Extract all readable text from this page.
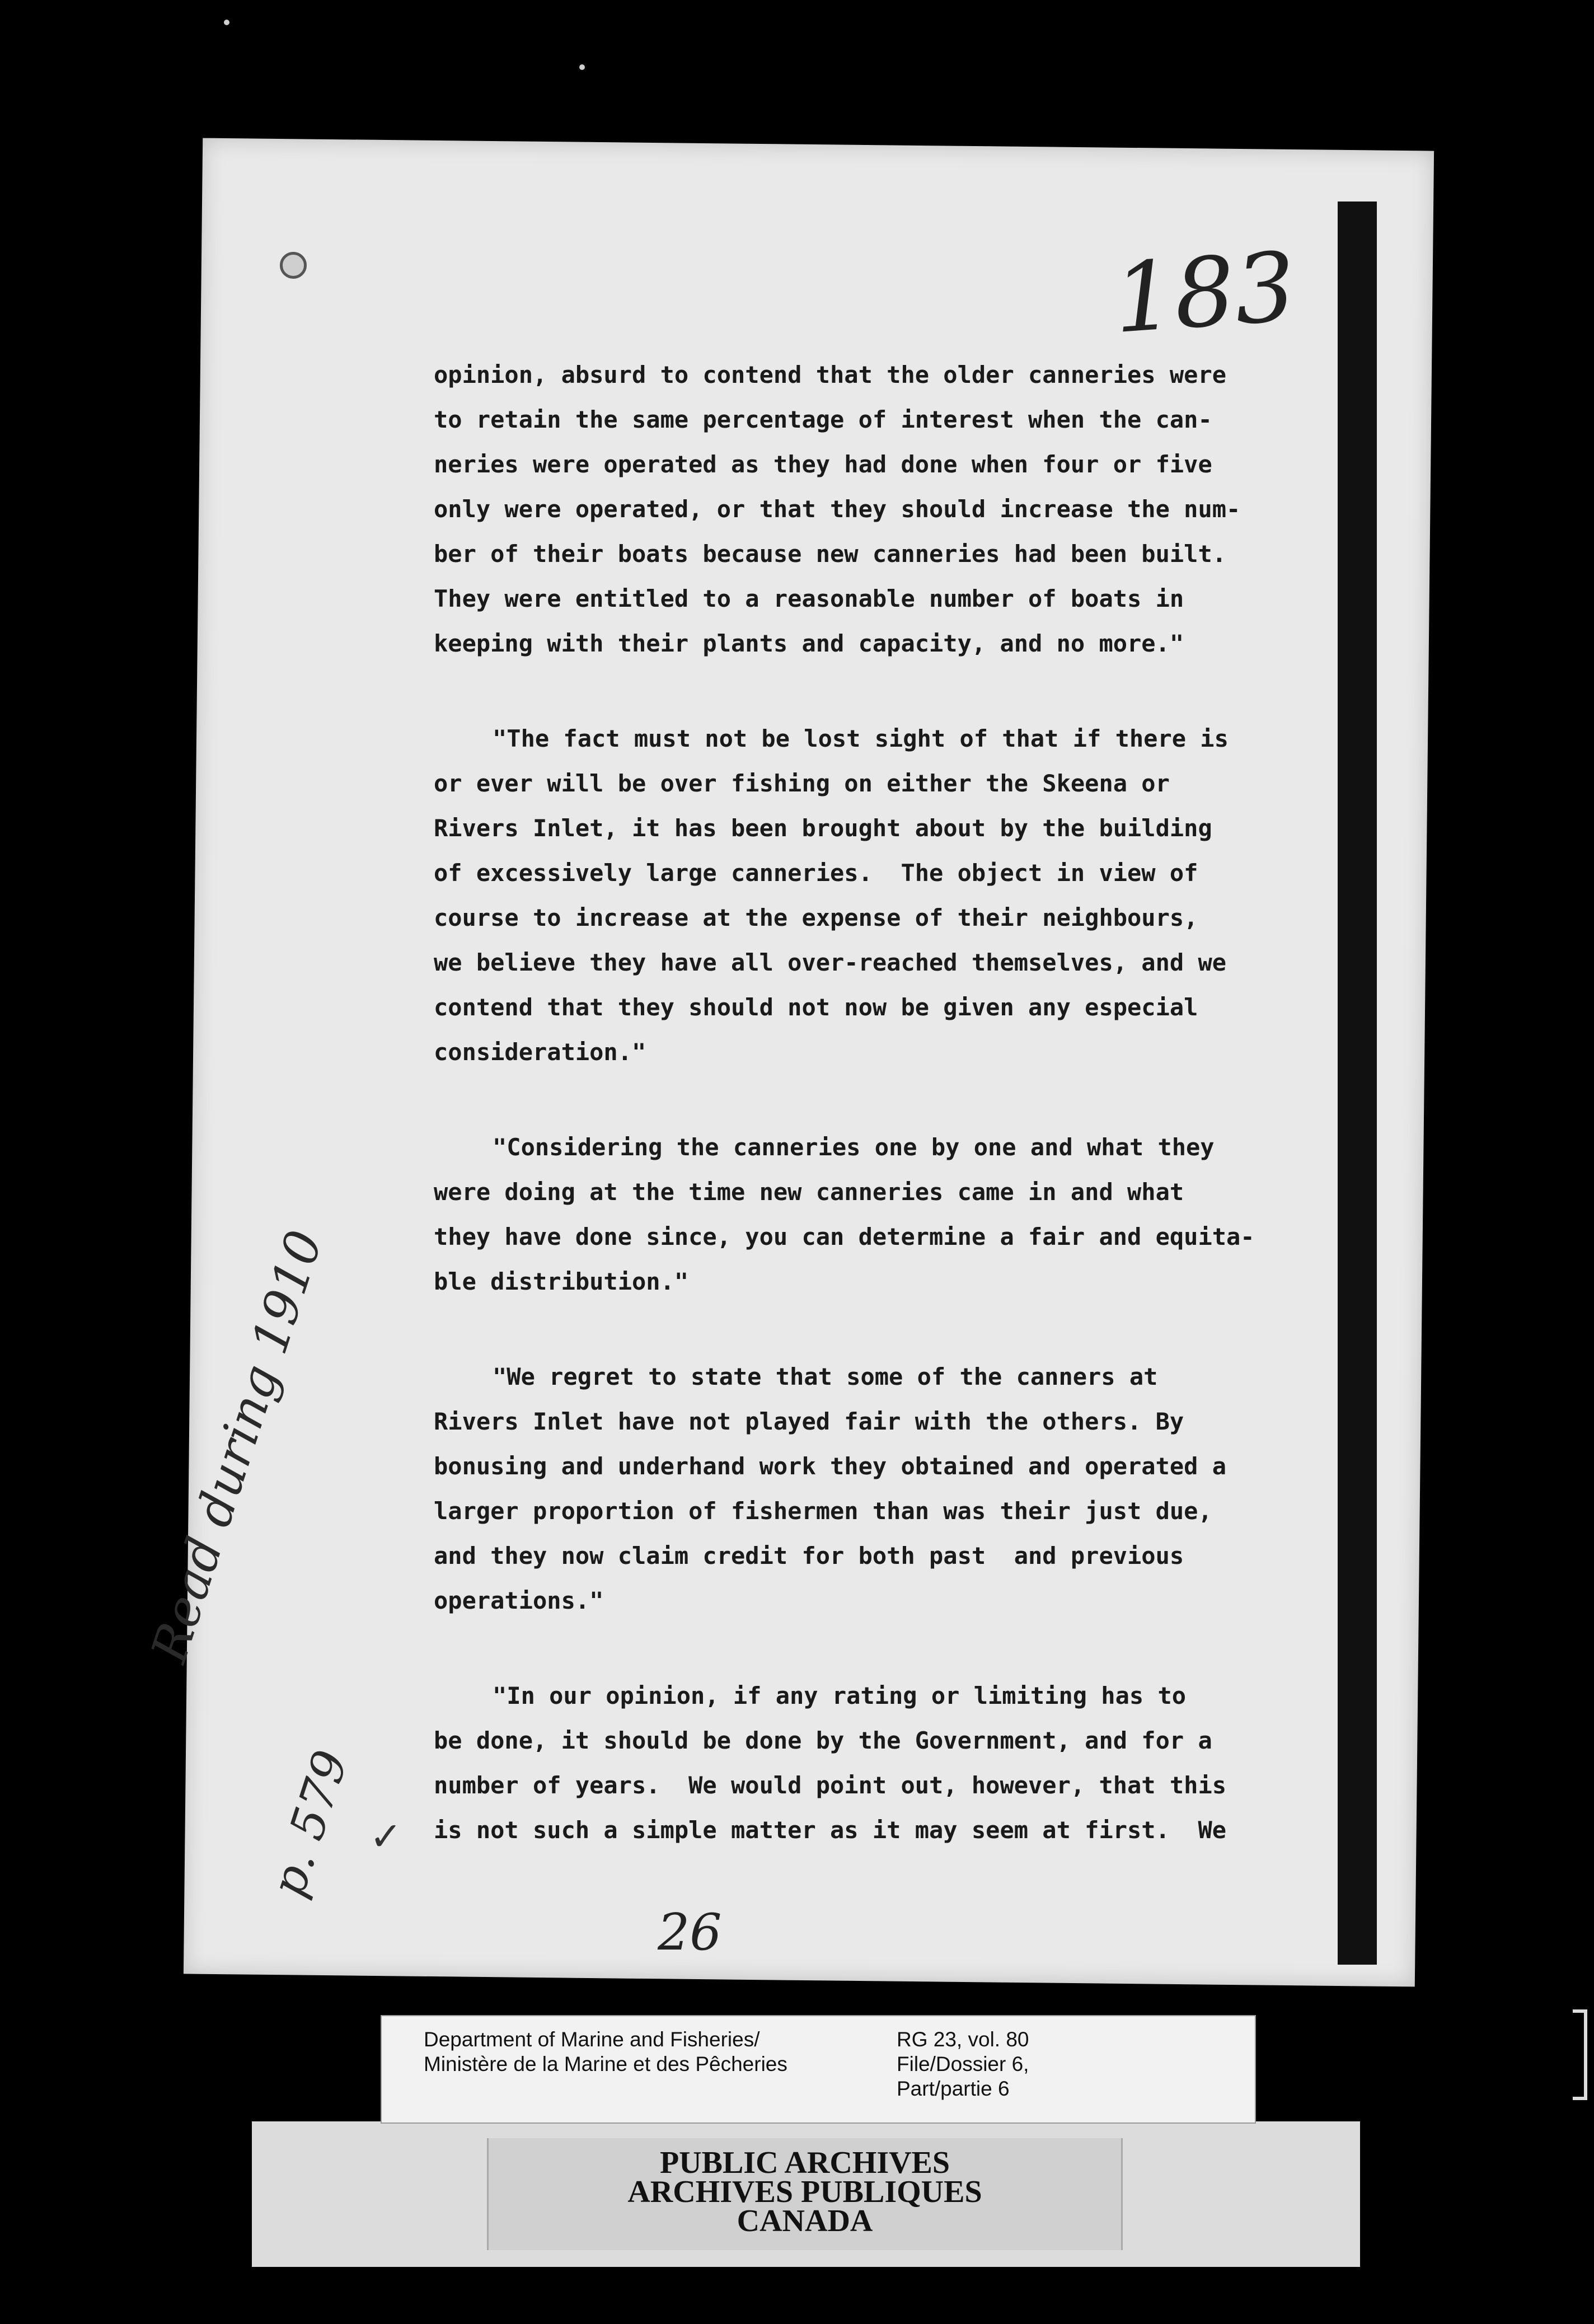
183
opinion, absurd to contend that the older canneries were
to retain the same percentage of interest when the can-
neries were operated as they had done when four or five
only were operated, or that they should increase the num-
ber of their boats because new canneries had been built.
They were entitled to a reasonable number of boats in
keeping with their plants and capacity, and no more."
"The fact must not be lost sight of that if there is
or ever will be over fishing on either the Skeena or
Rivers Inlet, it has been brought about by the building
of excessively large canneries.  The object in view of
course to increase at the expense of their neighbours,
we believe they have all over-reached themselves, and we
contend that they should not now be given any especial
consideration."
"Considering the canneries one by one and what they
were doing at the time new canneries came in and what
they have done since, you can determine a fair and equita-
ble distribution."
"We regret to state that some of the canners at
Rivers Inlet have not played fair with the others. By
bonusing and underhand work they obtained and operated a
larger proportion of fishermen than was their just due,
and they now claim credit for both past  and previous
operations."
"In our opinion, if any rating or limiting has to
be done, it should be done by the Government, and for a
number of years.  We would point out, however, that this
is not such a simple matter as it may seem at first.  We
Read during 1910
p. 579 ✓
26
PUBLIC ARCHIVES
ARCHIVES PUBLIQUES
CANADA
Department of Marine and Fisheries/
Ministère de la Marine et des Pêcheries
RG 23, vol. 80
File/Dossier 6,
Part/partie 6
